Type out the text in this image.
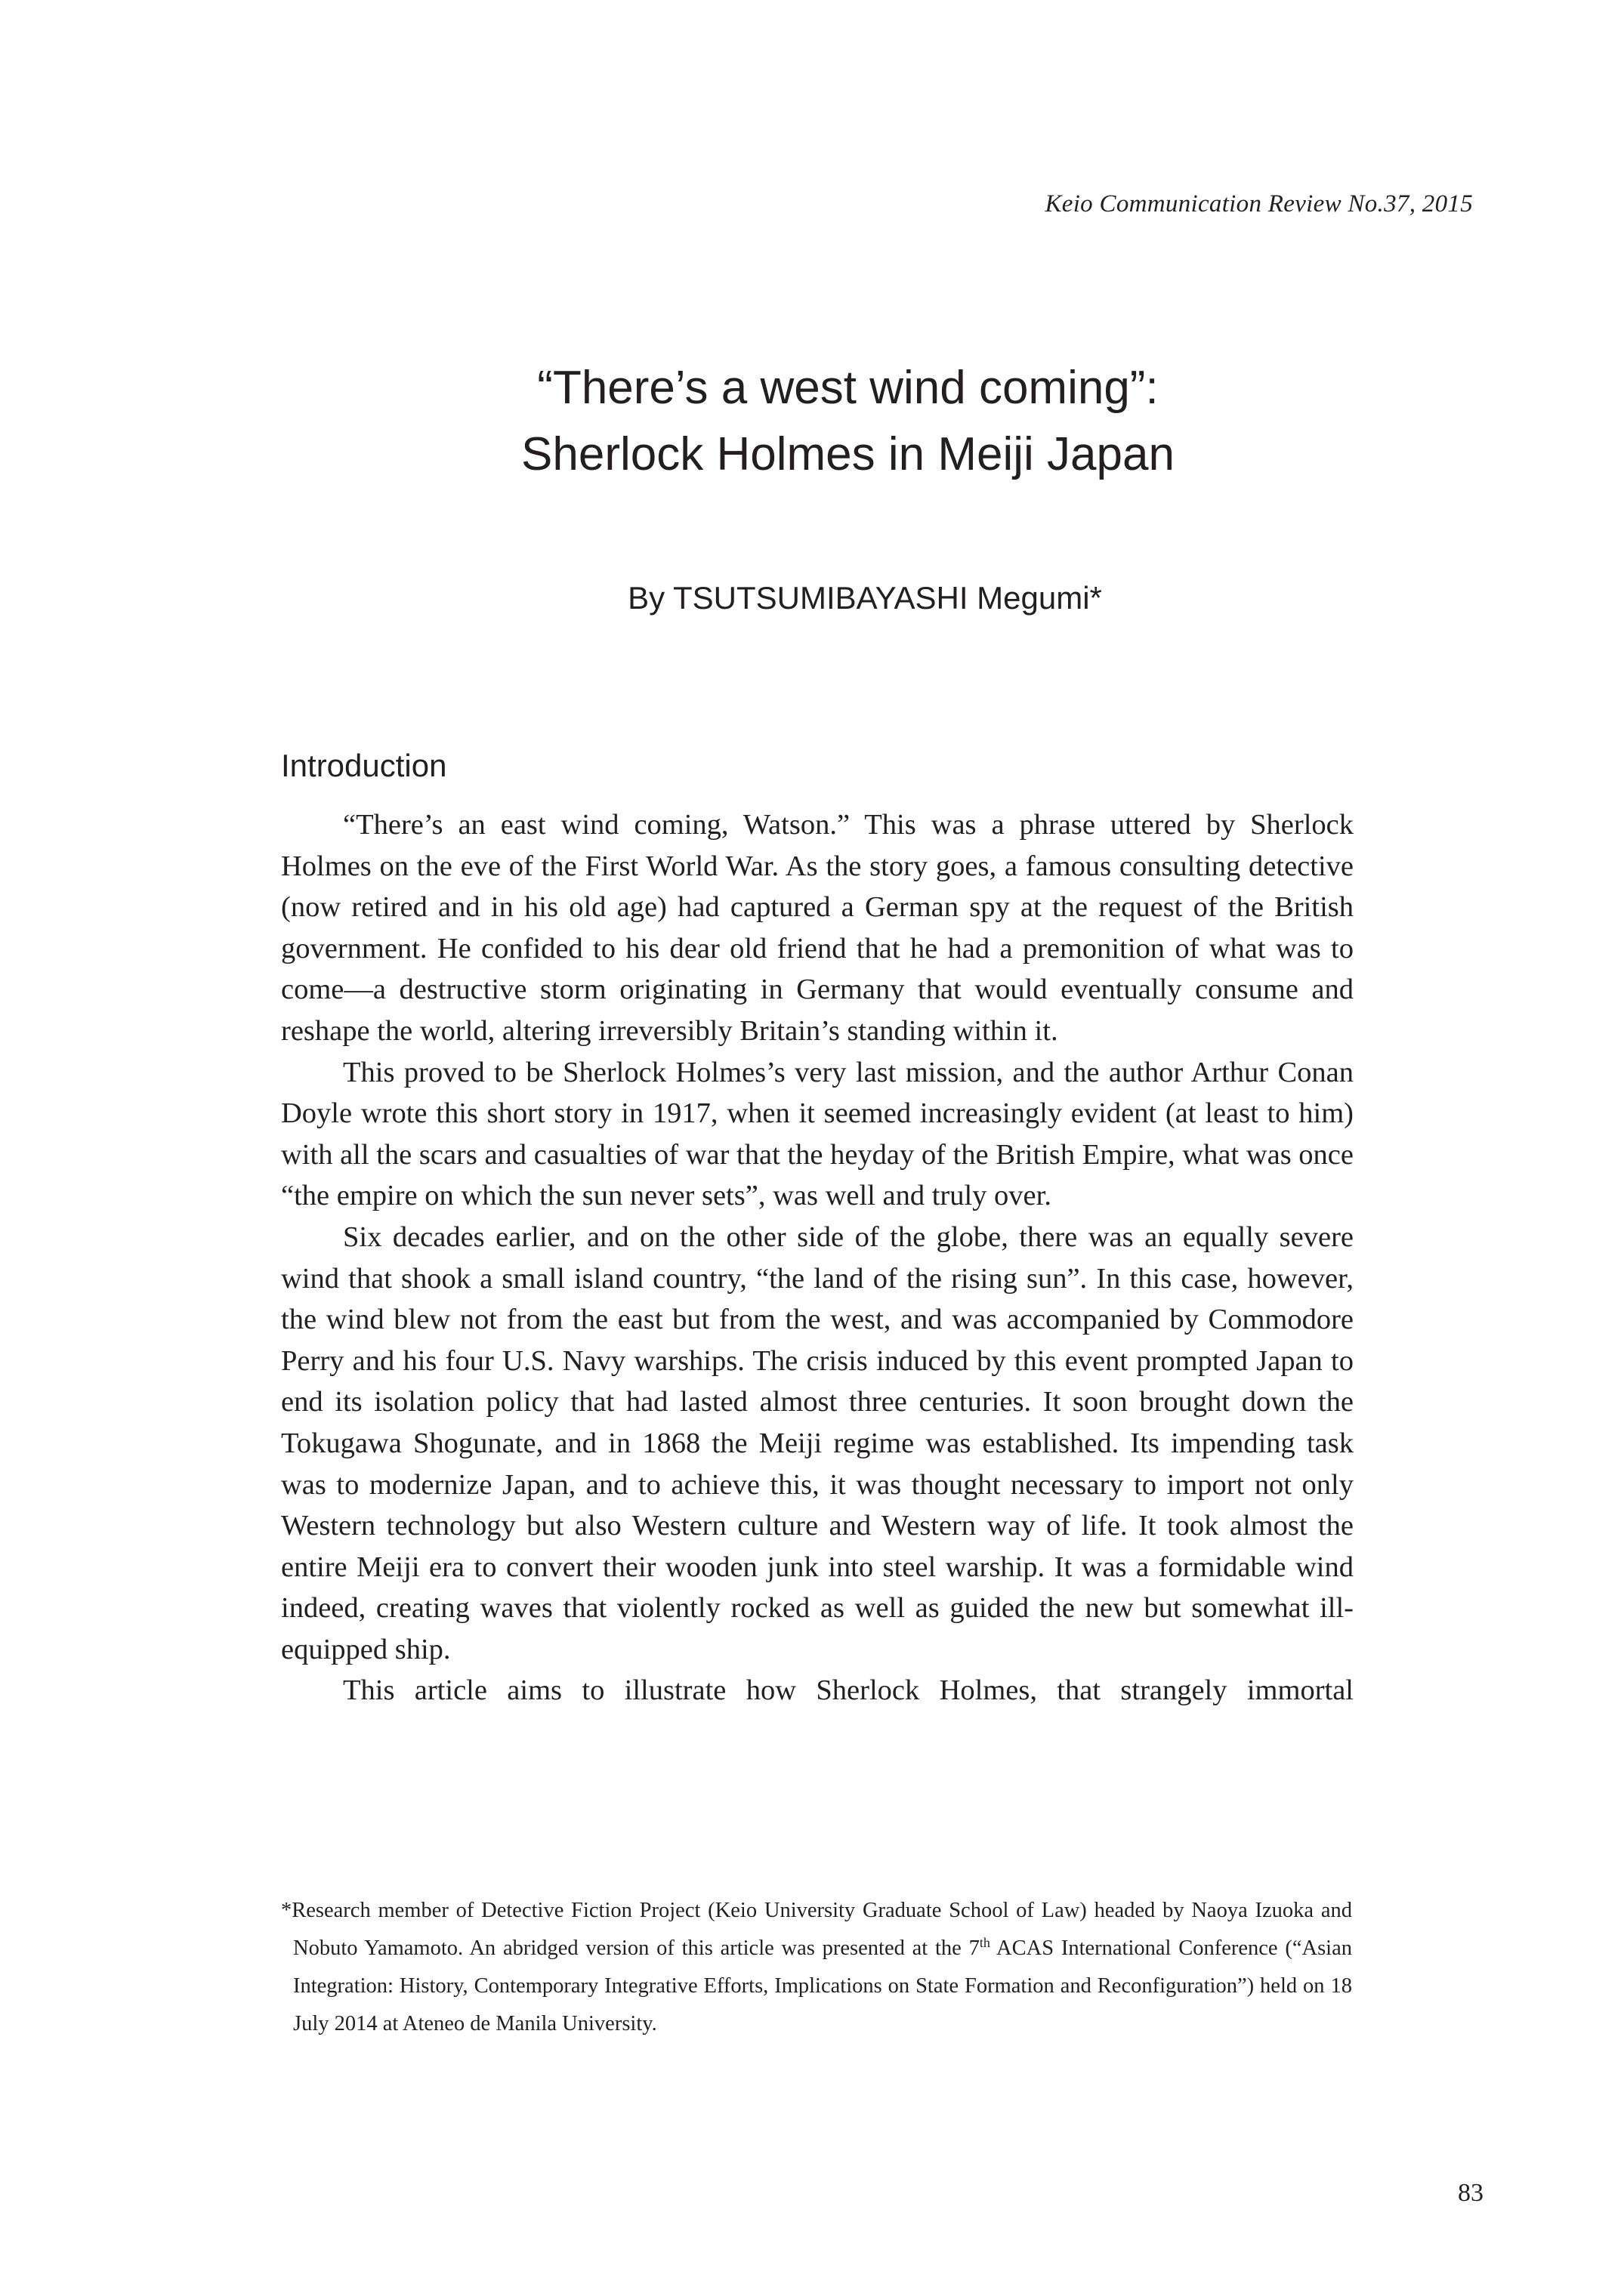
Keio Communication Review No.37, 2015
“There’s a west wind coming”:
Sherlock Holmes in Meiji Japan
By TSUTSUMIBAYASHI Megumi*
Introduction

“There’s an east wind coming, Watson.” This was a phrase uttered by Sherlock Holmes on the eve of the First World War. As the story goes, a famous consulting detective (now retired and in his old age) had captured a German spy at the request of the British government. He confided to his dear old friend that he had a premonition of what was to come—a destructive storm originating in Germany that would eventually consume and reshape the world, altering irreversibly Britain’s standing within it.

This proved to be Sherlock Holmes’s very last mission, and the author Arthur Conan Doyle wrote this short story in 1917, when it seemed increasingly evident (at least to him) with all the scars and casualties of war that the heyday of the British Empire, what was once “the empire on which the sun never sets”, was well and truly over.

Six decades earlier, and on the other side of the globe, there was an equally severe wind that shook a small island country, “the land of the rising sun”. In this case, however, the wind blew not from the east but from the west, and was accompanied by Commodore Perry and his four U.S. Navy warships. The crisis induced by this event prompted Japan to end its isolation policy that had lasted almost three centuries. It soon brought down the Tokugawa Shogunate, and in 1868 the Meiji regime was established. Its impending task was to modernize Japan, and to achieve this, it was thought necessary to import not only Western technology but also Western culture and Western way of life. It took almost the entire Meiji era to convert their wooden junk into steel warship. It was a formidable wind indeed, creating waves that violently rocked as well as guided the new but somewhat ill-equipped ship.

This article aims to illustrate how Sherlock Holmes, that strangely immortal

*Research member of Detective Fiction Project (Keio University Graduate School of Law) headed by Naoya Izuoka and Nobuto Yamamoto. An abridged version of this article was presented at the 7th ACAS International Conference (“Asian Integration: History, Contemporary Integrative Efforts, Implications on State Formation and Reconfiguration”) held on 18 July 2014 at Ateneo de Manila University.
83
